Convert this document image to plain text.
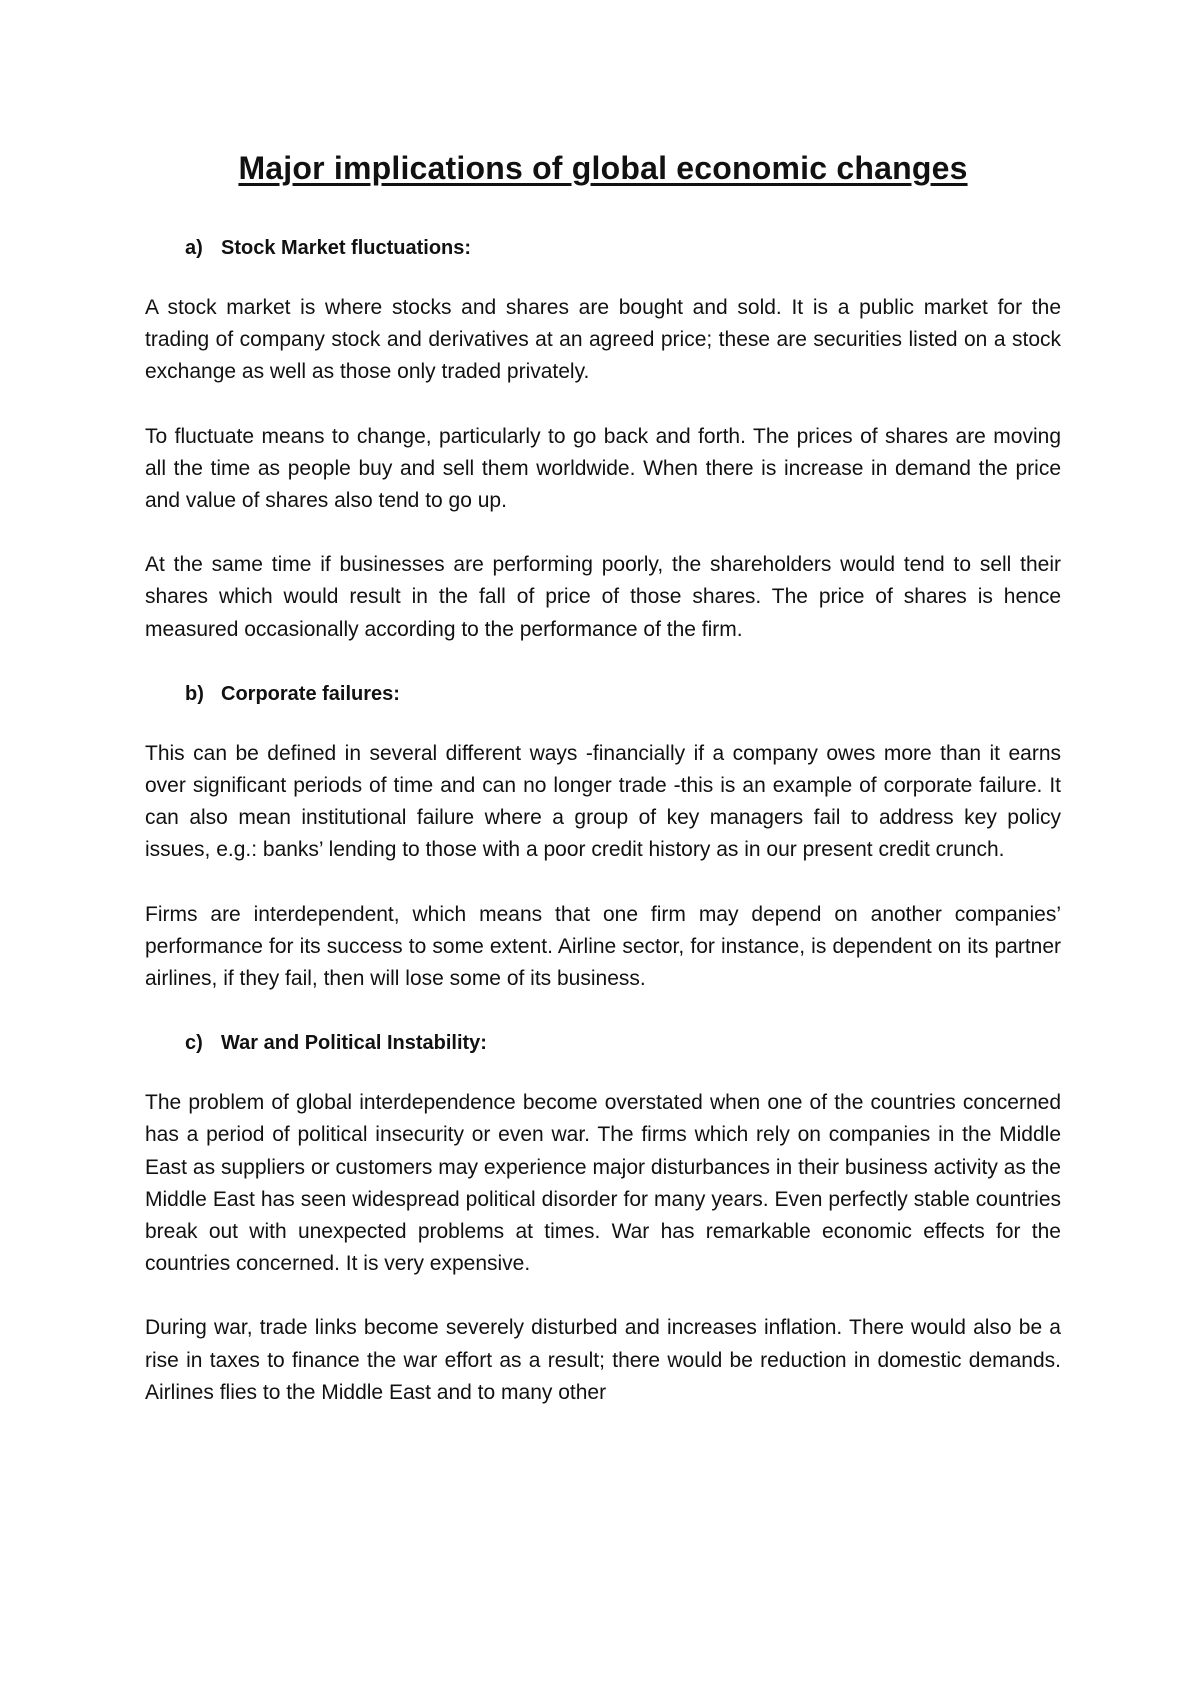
Major implications of global economic changes
a) Stock Market fluctuations:

A stock market is where stocks and shares are bought and sold. It is a public market for the trading of company stock and derivatives at an agreed price; these are securities listed on a stock exchange as well as those only traded privately.

To fluctuate means to change, particularly to go back and forth. The prices of shares are moving all the time as people buy and sell them worldwide. When there is increase in demand the price and value of shares also tend to go up.

At the same time if businesses are performing poorly, the shareholders would tend to sell their shares which would result in the fall of price of those shares. The price of shares is hence measured occasionally according to the performance of the firm.

b) Corporate failures:

This can be defined in several different ways -financially if a company owes more than it earns over significant periods of time and can no longer trade -this is an example of corporate failure. It can also mean institutional failure where a group of key managers fail to address key policy issues, e.g.: banks’ lending to those with a poor credit history as in our present credit crunch.

Firms are interdependent, which means that one firm may depend on another companies’ performance for its success to some extent. Airline sector, for instance, is dependent on its partner airlines, if they fail, then will lose some of its business.

c) War and Political Instability:

The problem of global interdependence become overstated when one of the countries concerned has a period of political insecurity or even war. The firms which rely on companies in the Middle East as suppliers or customers may experience major disturbances in their business activity as the Middle East has seen widespread political disorder for many years. Even perfectly stable countries break out with unexpected problems at times. War has remarkable economic effects for the countries concerned. It is very expensive.

During war, trade links become severely disturbed and increases inflation. There would also be a rise in taxes to finance the war effort as a result; there would be reduction in domestic demands. Airlines flies to the Middle East and to many other
